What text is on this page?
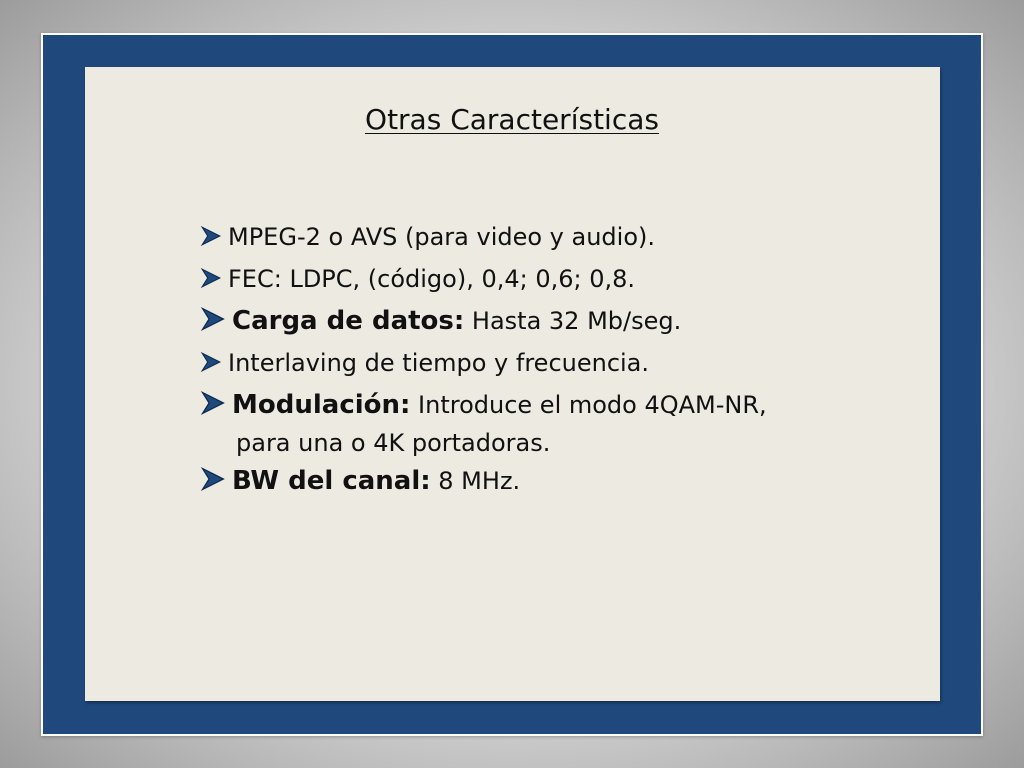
Otras Características
MPEG-2 o AVS (para video y audio).
FEC: LDPC, (código), 0,4; 0,6; 0,8.
Carga de datos: Hasta 32 Mb/seg.
Interlaving de tiempo y frecuencia.
Modulación: Introduce el modo 4QAM-NR,
para una o 4K portadoras.
BW del canal: 8 MHz.
